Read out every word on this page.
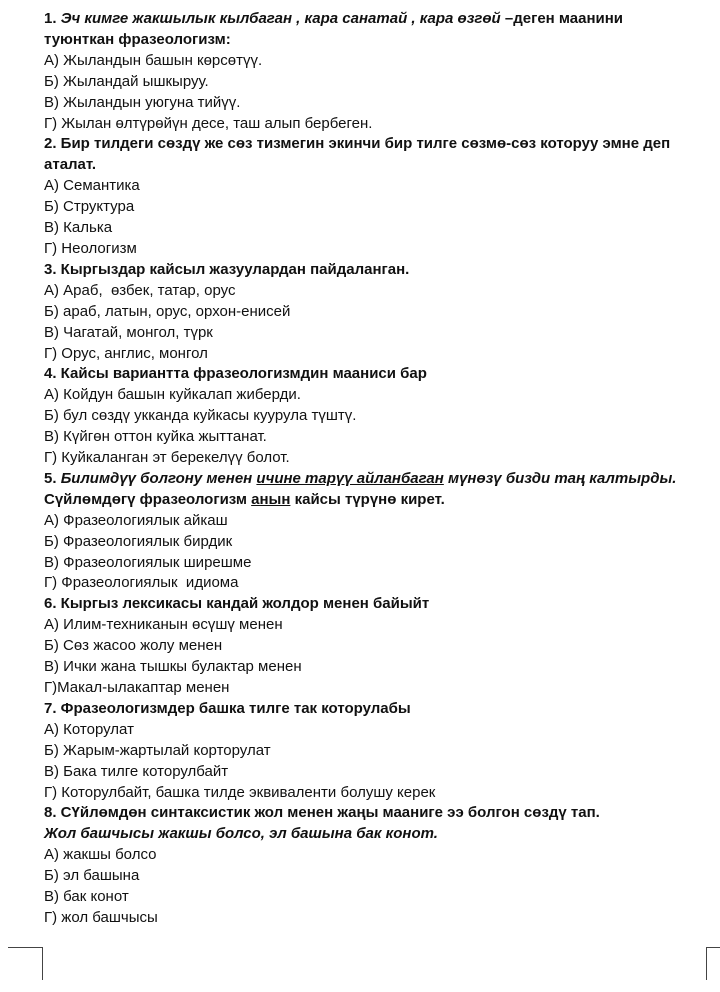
1. Эч кимге жакшылык кылбаган , кара санатай , кара өзгөй –деген маанини
туюнткан фразеологизм:
А) Жыландын башын көрсөтүү.
Б) Жыландай ышкыруу.
В) Жыландын уюгуна тийүү.
Г) Жылан өлтүрөйүн десе, таш алып бербеген.
2. Бир тилдеги сөздү же сөз тизмегин экинчи бир тилге сөзмө-сөз которуу эмне деп
аталат.
А) Семантика
Б) Структура
В) Калька
Г) Неологизм
3. Кыргыздар кайсыл жазуулардан пайдаланган.
А) Араб,  өзбек, татар, орус
Б) араб, латын, орус, орхон-енисей
В) Чагатай, монгол, түрк
Г) Орус, англис, монгол
4. Кайсы вариантта фразеологизмдин мааниси бар
А) Койдун башын куйкалап жиберди.
Б) бул сөздү укканда куйкасы куурула түштү.
В) Күйгөн оттон куйка жыттанат.
Г) Куйкаланган эт берекелүү болот.
5. Билимдүү болгону менен ичине тарүү айланбаган мүнөзү бизди таң калтырды.
Сүйлөмдөгү фразеологизм анын кайсы түрүнө кирет.
А) Фразеологиялык айкаш
Б) Фразеологиялык бирдик
В) Фразеологиялык ширешме
Г) Фразеологиялык  идиома
6. Кыргыз лексикасы кандай жолдор менен байыйт
А) Илим-техниканын өсүшү менен
Б) Сөз жасоо жолу менен
В) Ички жана тышкы булактар менен
Г)Макал-ылакаптар менен
7. Фразеологизмдер башка тилге так которулабы
А) Которулат
Б) Жарым-жартылай корторулат
В) Бака тилге которулбайт
Г) Которулбайт, башка тилде эквиваленти болушу керек
8. СҮйлөмдөн синтаксистик жол менен жаңы мааниге ээ болгон сөздү тап.
Жол башчысы жакшы болсо, эл башына бак конот.
А) жакшы болсо
Б) эл башына
В) бак конот
Г) жол башчысы
